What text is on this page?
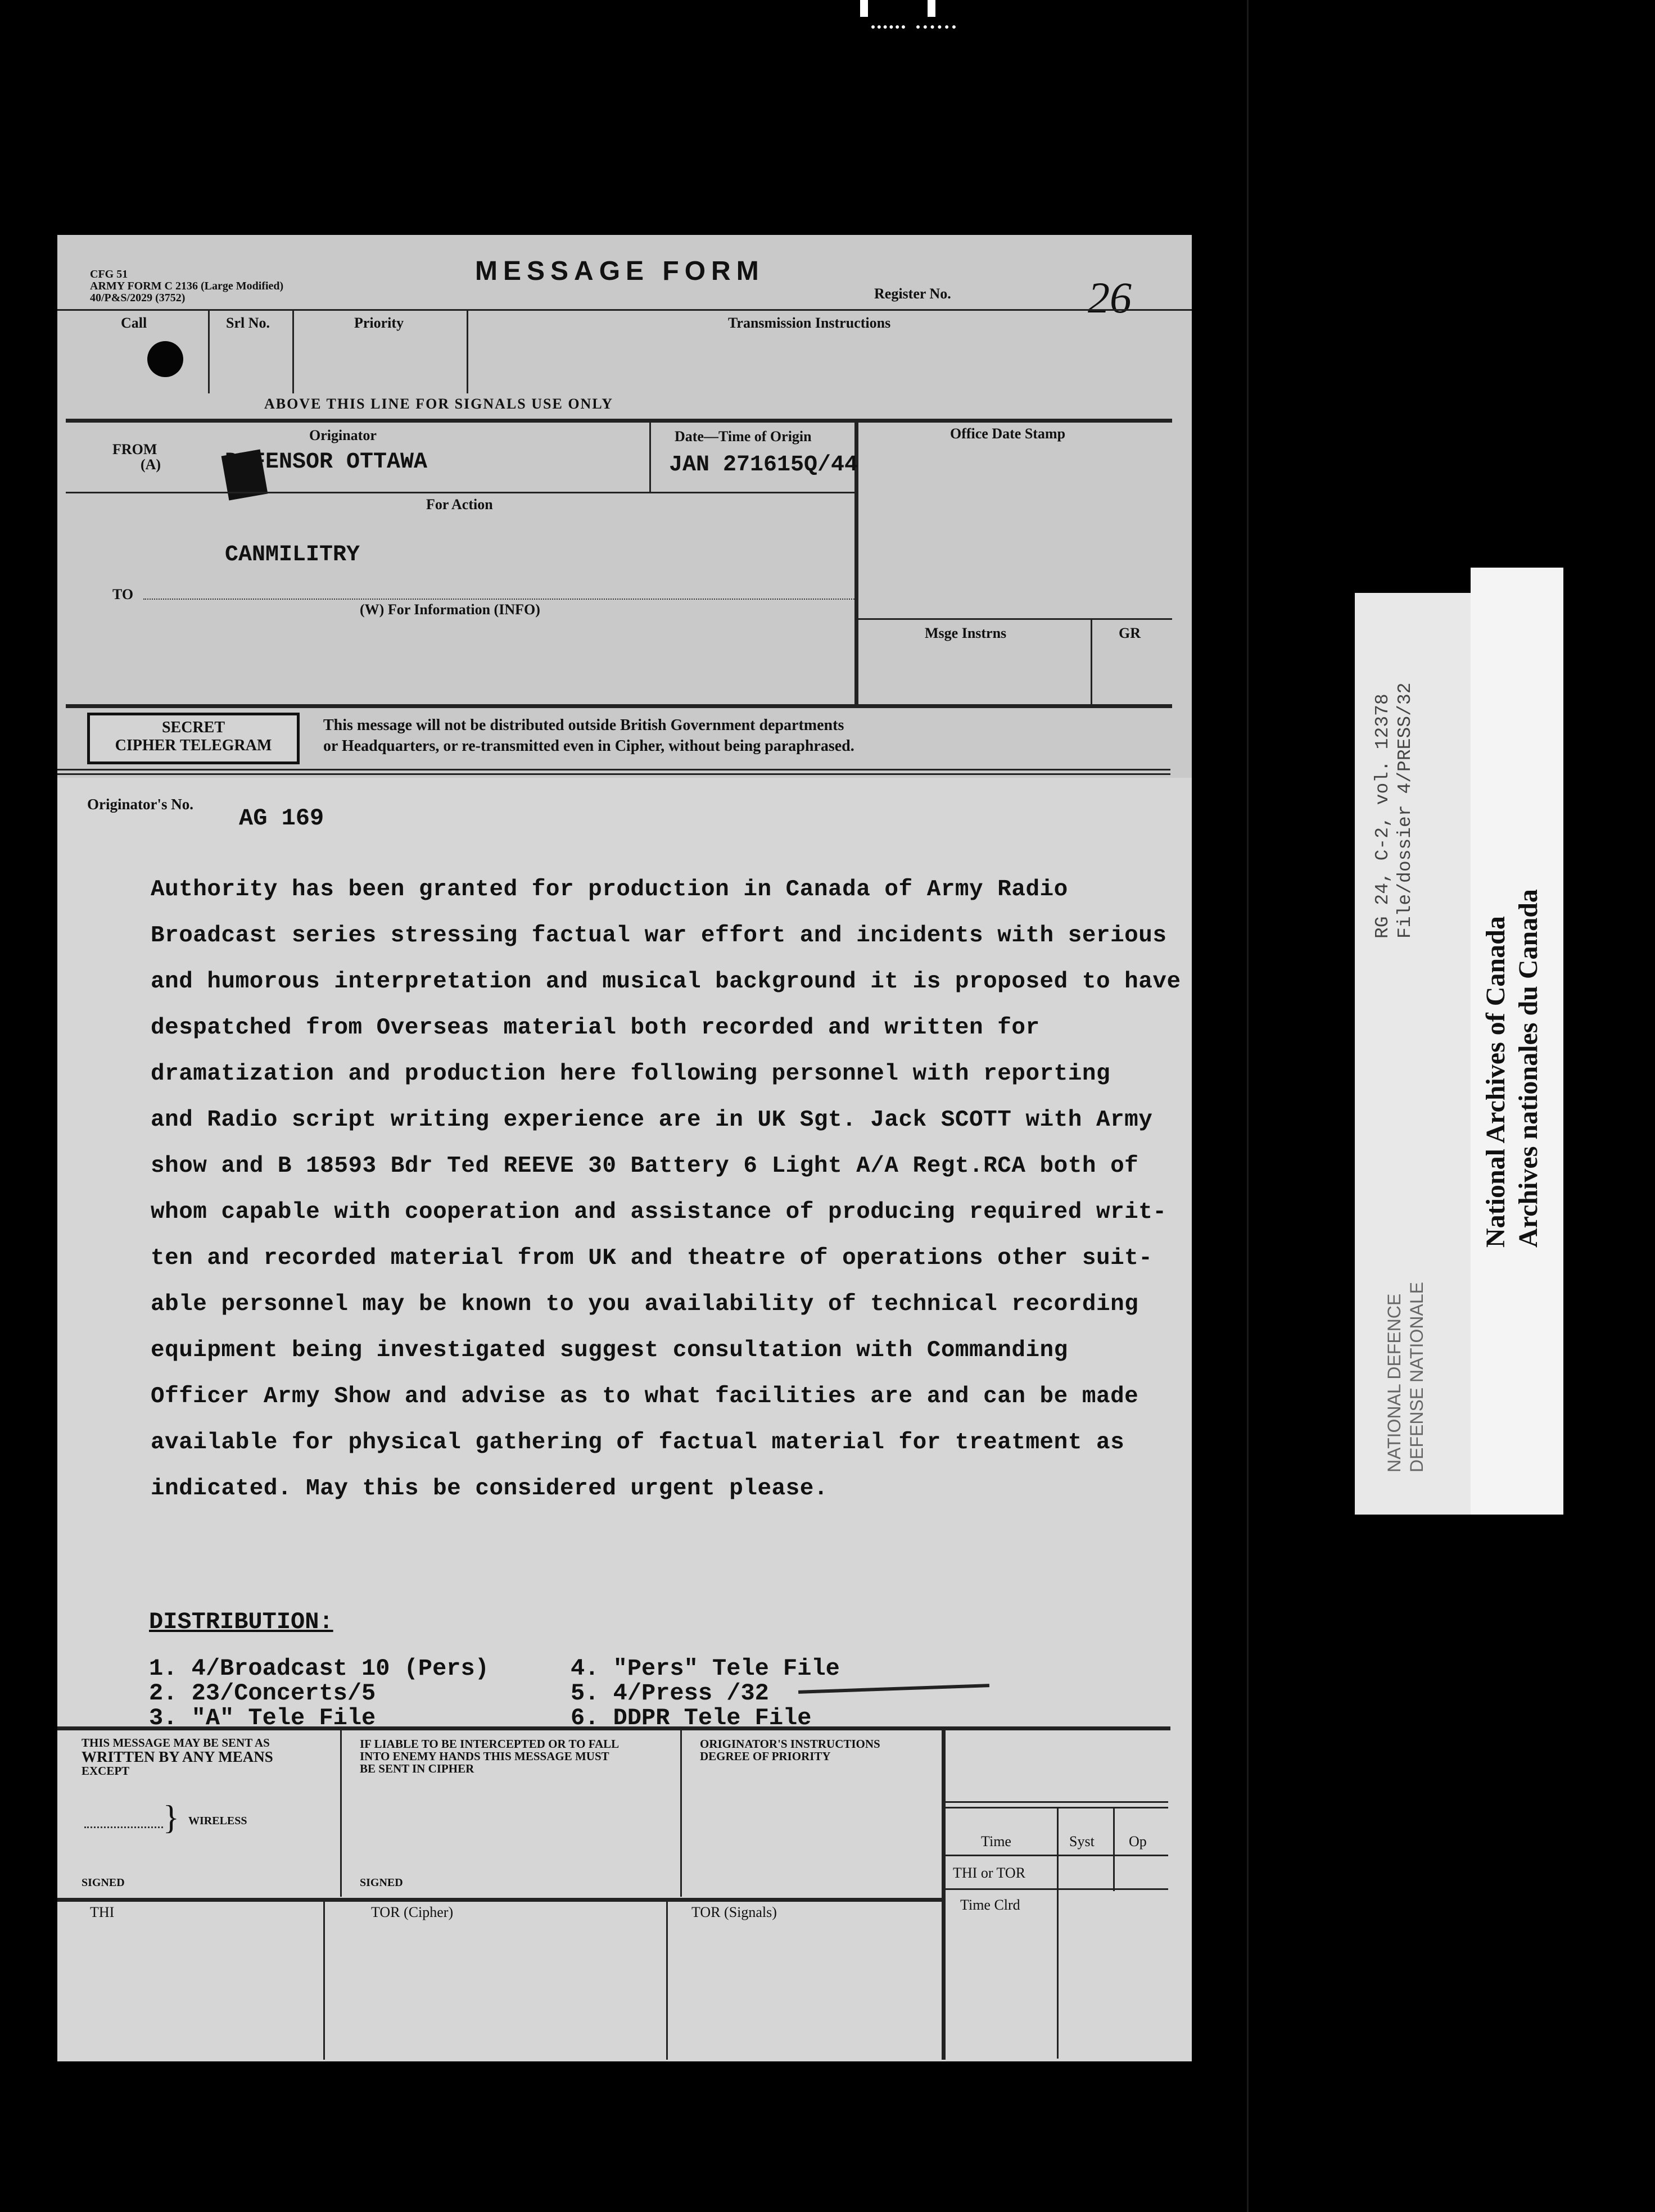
CFG 51
ARMY FORM C 2136 (Large Modified)
40/P&S/2029 (3752)
MESSAGE FORM
Register No.	26
Call	Srl No.	Priority	Transmission Instructions
ABOVE THIS LINE FOR SIGNALS USE ONLY
FROM
(A)
Originator
DEFENSOR OTTAWA
Date—Time of Origin
JAN 271615Q/44
Office Date Stamp
For Action
CANMILITRY
TO
(W) For Information (INFO)
Msge Instrns	GR
SECRET
CIPHER TELEGRAM
This message will not be distributed outside British Government departments
or Headquarters, or re-transmitted even in Cipher, without being paraphrased.
Originator's No.
AG 169
Authority has been granted for production in Canada of Army Radio
Broadcast series stressing factual war effort and incidents with serious
and humorous interpretation and musical background it is proposed to have
despatched from Overseas material both recorded and written for
dramatization and production here following personnel with reporting
and Radio script writing experience are in UK Sgt. Jack SCOTT with Army
show and B 18593 Bdr Ted REEVE 30 Battery 6 Light A/A Regt.RCA both of
whom capable with cooperation and assistance of producing required writ-
ten and recorded material from UK and theatre of operations other suit-
able personnel may be known to you availability of technical recording
equipment being investigated suggest consultation with Commanding
Officer Army Show and advise as to what facilities are and can be made
available for physical gathering of factual material for treatment as
indicated. May this be considered urgent please.
DISTRIBUTION:
1. 4/Broadcast 10 (Pers)
2. 23/Concerts/5
3. "A" Tele File
4. "Pers" Tele File
5. 4/Press /32
6. DDPR Tele File
THIS MESSAGE MAY BE SENT AS
WRITTEN BY ANY MEANS
EXCEPT
} WIRELESS
SIGNED
IF LIABLE TO BE INTERCEPTED OR TO FALL
INTO ENEMY HANDS THIS MESSAGE MUST
BE SENT IN CIPHER
SIGNED
ORIGINATOR'S INSTRUCTIONS
DEGREE OF PRIORITY
Time	Syst Op
THI or TOR
Time Clrd
THI	TOR (Cipher)	TOR (Signals)
RG 24, C-2, vol. 12378 File/dossier 4/PRESS/32
NATIONAL DEFENCE DEFENSE NATIONALE
National Archives of Canada Archives nationales du Canada
